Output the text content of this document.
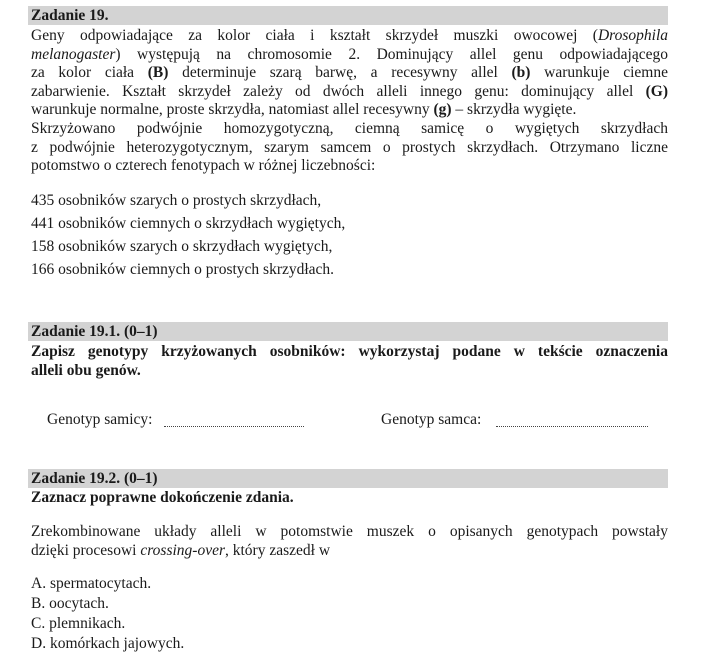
Zadanie 19.
Geny odpowiadające za kolor ciała i kształt skrzydeł muszki owocowej (Drosophila
melanogaster) występują na chromosomie 2. Dominujący allel genu odpowiadającego
za kolor ciała (B) determinuje szarą barwę, a recesywny allel (b) warunkuje ciemne
zabarwienie. Kształt skrzydeł zależy od dwóch alleli innego genu: dominujący allel (G)
warunkuje normalne, proste skrzydła, natomiast allel recesywny (g) – skrzydła wygięte.
Skrzyżowano podwójnie homozygotyczną, ciemną samicę o wygiętych skrzydłach
z podwójnie heterozygotycznym, szarym samcem o prostych skrzydłach. Otrzymano liczne
potomstwo o czterech fenotypach w różnej liczebności:
435 osobników szarych o prostych skrzydłach,
441 osobników ciemnych o skrzydłach wygiętych,
158 osobników szarych o skrzydłach wygiętych,
166 osobników ciemnych o prostych skrzydłach.
Zadanie 19.1. (0–1)
Zapisz genotypy krzyżowanych osobników: wykorzystaj podane w tekście oznaczenia
alleli obu genów.
Genotyp samicy:	Genotyp samca:
Zadanie 19.2. (0–1)
Zaznacz poprawne dokończenie zdania.
Zrekombinowane układy alleli w potomstwie muszek o opisanych genotypach powstały
dzięki procesowi crossing-over, który zaszedł w
A. spermatocytach.
B. oocytach.
C. plemnikach.
D. komórkach jajowych.
